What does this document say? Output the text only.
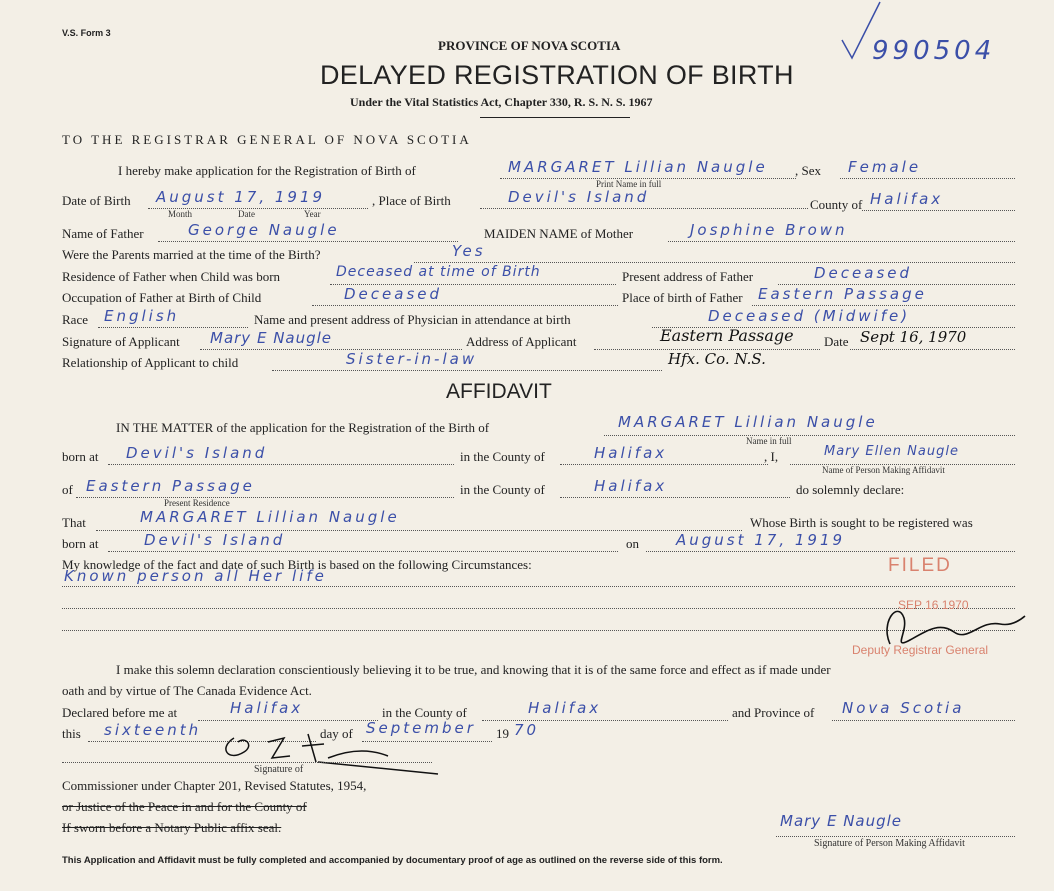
V.S. Form 3
990504
PROVINCE OF NOVA SCOTIA
DELAYED REGISTRATION OF BIRTH
Under the Vital Statistics Act, Chapter 330, R. S. N. S. 1967
TO THE REGISTRAR GENERAL OF NOVA SCOTIA
I hereby make application for the Registration of Birth of	MARGARET Lillian Naugle
Print Name in full
, Sex Female
Date of Birth August 17, 1919
Month	Date	Year
, Place of Birth	Devil's Island	County of Halifax
Name of Father	George Naugle	MAIDEN NAME of Mother	Josphine Brown
Were the Parents married at the time of the Birth?	Yes
Residence of Father when Child was born	Deceased at time of Birth	Present address of Father	Deceased
Occupation of Father at Birth of Child	Deceased	Place of birth of Father Eastern Passage
Race English	Name and present address of Physician in attendance at birth	Deceased (Midwife)
Signature of Applicant Mary E Naugle	Address of Applicant	Eastern Passage
Hfx. Co. N.S.
Date Sept 16, 1970
Relationship of Applicant to child	Sister-in-law
AFFIDAVIT
IN THE MATTER of the application for the Registration of the Birth of	MARGARET Lillian Naugle
Name in full
born at Devil's Island	in the County of	Halifax	, I,	Mary Ellen Naugle
Name of Person Making Affidavit
of Eastern Passage
Present Residence
in the County of	Halifax	do solemnly declare:
That	MARGARET Lillian Naugle	Whose Birth is sought to be registered was
born at	Devil's Island	on August 17, 1919
My knowledge of the fact and date of such Birth is based on the following Circumstances:
Known person all Her life	FILED
SEP 16 1970
Deputy Registrar General
I make this solemn declaration conscientiously believing it to be true, and knowing that it is of the same force and effect as if made under
oath and by virtue of The Canada Evidence Act.
Declared before me at	Halifax	in the County of	Halifax	and Province of Nova Scotia
this sixteenth	day of September 19 70
Signature of
Commissioner under Chapter 201, Revised Statutes, 1954,
or Justice of the Peace in and for the County of
If sworn before a Notary Public affix seal.	Mary E Naugle
Signature of Person Making Affidavit
This Application and Affidavit must be fully completed and accompanied by documentary proof of age as outlined on the reverse side of this form.
